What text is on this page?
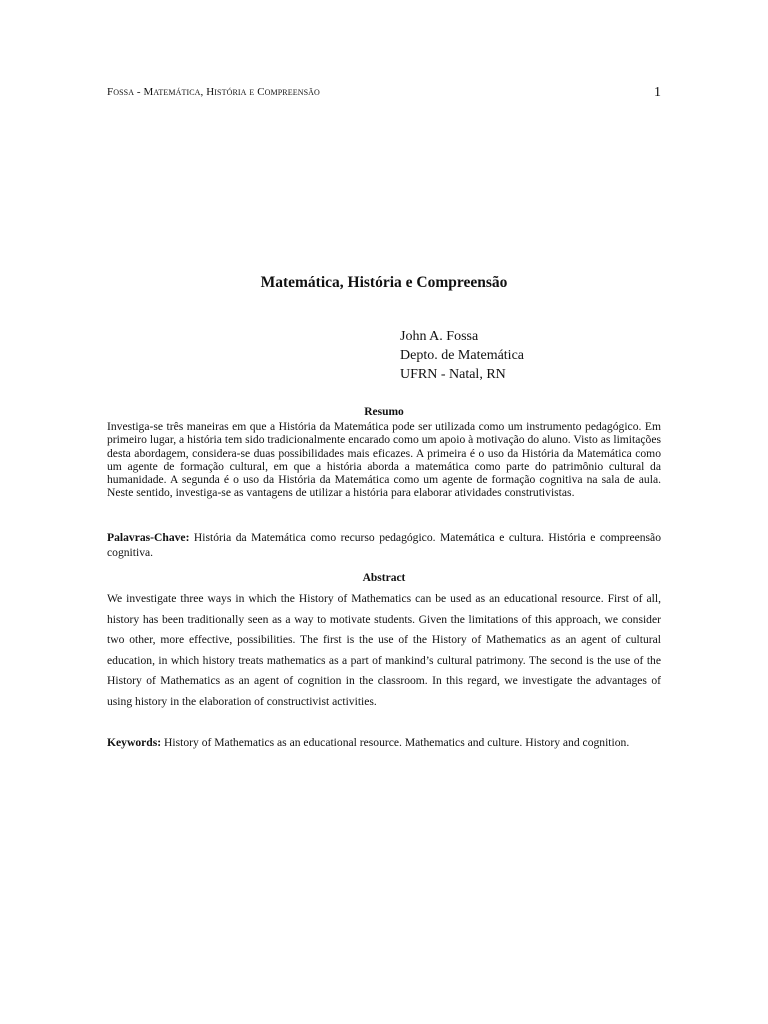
Fossa - Matemática, História e Compreensão	1
Matemática, História e Compreensão
John A. Fossa
Depto. de Matemática
UFRN - Natal, RN
Resumo
Investiga-se três maneiras em que a História da Matemática pode ser utilizada como um instrumento pedagógico. Em primeiro lugar, a história tem sido tradicionalmente encarado como um apoio à motivação do aluno. Visto as limitações desta abordagem, considera-se duas possibilidades mais eficazes. A primeira é o uso da História da Matemática como um agente de formação cultural, em que a história aborda a matemática como parte do patrimônio cultural da humanidade. A segunda é o uso da História da Matemática como um agente de formação cognitiva na sala de aula. Neste sentido, investiga-se as vantagens de utilizar a história para elaborar atividades construtivistas.
Palavras-Chave: História da Matemática como recurso pedagógico. Matemática e cultura. História e compreensão cognitiva.
Abstract
We investigate three ways in which the History of Mathematics can be used as an educational resource. First of all, history has been traditionally seen as a way to motivate students. Given the limitations of this approach, we consider two other, more effective, possibilities. The first is the use of the History of Mathematics as an agent of cultural education, in which history treats mathematics as a part of mankind’s cultural patrimony. The second is the use of the History of Mathematics as an agent of cognition in the classroom. In this regard, we investigate the advantages of using history in the elaboration of constructivist activities.
Keywords: History of Mathematics as an educational resource. Mathematics and culture. History and cognition.
